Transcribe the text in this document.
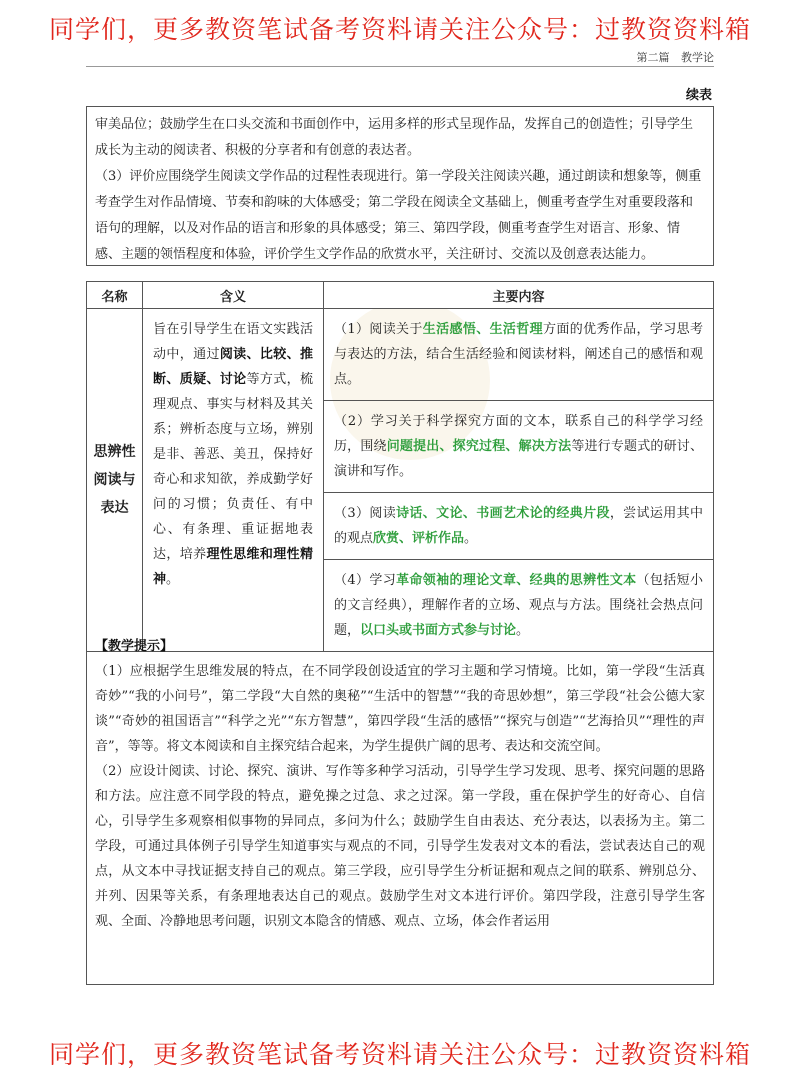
同学们，更多教资笔试备考资料请关注公众号：过教资资料箱
第二篇 教学论
续表

审美品位；鼓励学生在口头交流和书面创作中，运用多样的形式呈现作品，发挥自己的创造性；引导学生成长为主动的阅读者、积极的分享者和有创意的表达者。

（3）评价应围绕学生阅读文学作品的过程性表现进行。第一学段关注阅读兴趣，通过朗读和想象等，侧重考查学生对作品情境、节奏和韵味的大体感受；第二学段在阅读全文基础上，侧重考查学生对重要段落和语句的理解，以及对作品的语言和形象的具体感受；第三、第四学段，侧重考查学生对语言、形象、情感、主题的领悟程度和体验，评价学生文学作品的欣赏水平，关注研讨、交流以及创意表达能力。

名称	含义	主要内容
思辨性阅读与表达	旨在引导学生在语文实践活动中，通过阅读、比较、推断、质疑、讨论等方式，梳理观点、事实与材料及其关系；辨析态度与立场，辨别是非、善恶、美丑，保持好奇心和求知欲，养成勤学好问的习惯；负责任、有中心、有条理、重证据地表达，培养理性思维和理性精神。	（1）阅读关于生活感悟、生活哲理方面的优秀作品，学习思考与表达的方法，结合生活经验和阅读材料，阐述自己的感悟和观点。
（2）学习关于科学探究方面的文本，联系自己的科学学习经历，围绕问题提出、探究过程、解决方法等进行专题式的研讨、演讲和写作。
（3）阅读诗话、文论、书画艺术论的经典片段，尝试运用其中的观点欣赏、评析作品。
（4）学习革命领袖的理论文章、经典的思辨性文本（包括短小的文言经典），理解作者的立场、观点与方法。围绕社会热点问题，以口头或书面方式参与讨论。
【教学提示】

（1）应根据学生思维发展的特点，在不同学段创设适宜的学习主题和学习情境。比如，第一学段“生活真奇妙”“我的小问号”，第二学段“大自然的奥秘”“生活中的智慧”“我的奇思妙想”，第三学段“社会公德大家谈”“奇妙的祖国语言”“科学之光”“东方智慧”，第四学段“生活的感悟”“探究与创造”“艺海拾贝”“理性的声音”，等等。将文本阅读和自主探究结合起来，为学生提供广阔的思考、表达和交流空间。

（2）应设计阅读、讨论、探究、演讲、写作等多种学习活动，引导学生学习发现、思考、探究问题的思路和方法。应注意不同学段的特点，避免操之过急、求之过深。第一学段，重在保护学生的好奇心、自信心，引导学生多观察相似事物的异同点，多问为什么；鼓励学生自由表达、充分表达，以表扬为主。第二学段，可通过具体例子引导学生知道事实与观点的不同，引导学生发表对文本的看法，尝试表达自己的观点，从文本中寻找证据支持自己的观点。第三学段，应引导学生分析证据和观点之间的联系、辨别总分、并列、因果等关系，有条理地表达自己的观点。鼓励学生对文本进行评价。第四学段，注意引导学生客观、全面、冷静地思考问题，识别文本隐含的情感、观点、立场，体会作者运用

同学们，更多教资笔试备考资料请关注公众号：过教资资料箱
